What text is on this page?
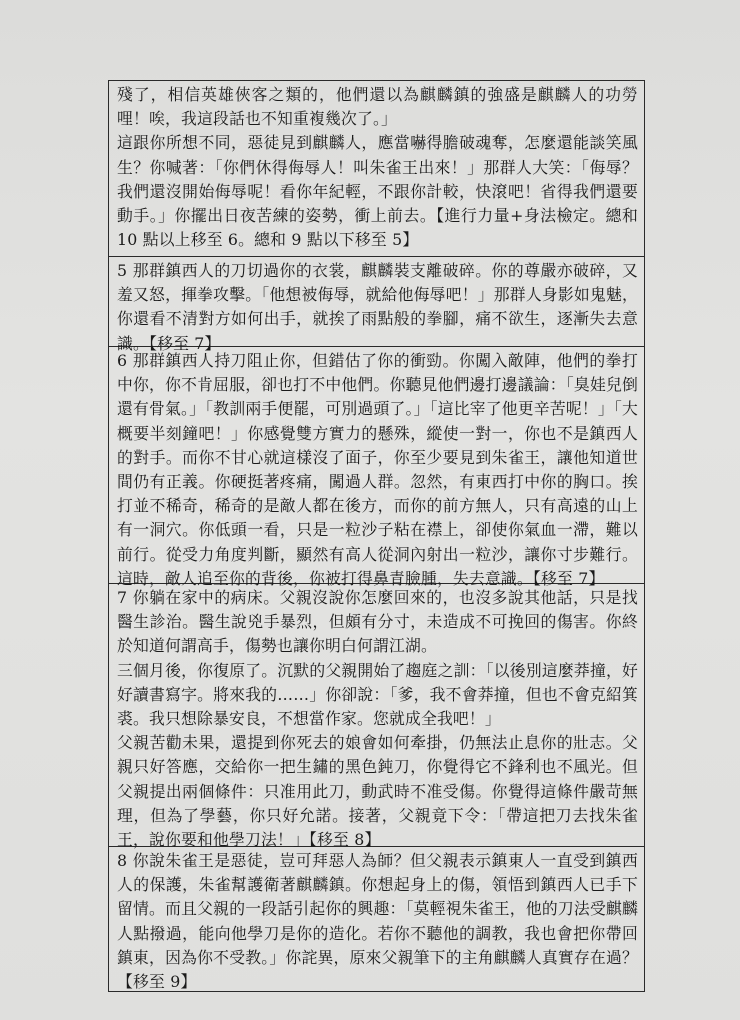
殘了，相信英雄俠客之類的，他們還以為麒麟鎮的強盛是麒麟人的功勞哩！唉，我這段話也不知重複幾次了。」

這跟你所想不同，惡徒見到麒麟人，應當嚇得膽破魂奪，怎麼還能談笑風生？你喊著：「你們休得侮辱人！叫朱雀王出來！」那群人大笑：「侮辱？我們還沒開始侮辱呢！看你年紀輕，不跟你計較，快滾吧！省得我們還要動手。」你擺出日夜苦練的姿勢，衝上前去。【進行力量+身法檢定。總和 10 點以上移至 6。總和 9 點以下移至 5】

5 那群鎮西人的刀切過你的衣裳，麒麟裝支離破碎。你的尊嚴亦破碎，又羞又怒，揮拳攻擊。「他想被侮辱，就給他侮辱吧！」那群人身影如鬼魅，你還看不清對方如何出手，就挨了雨點般的拳腳，痛不欲生，逐漸失去意識。【移至 7】

6 那群鎮西人持刀阻止你，但錯估了你的衝勁。你闖入敵陣，他們的拳打中你，你不肯屈服，卻也打不中他們。你聽見他們邊打邊議論：「臭娃兒倒還有骨氣。」「教訓兩手便罷，可別過頭了。」「這比宰了他更辛苦呢！」「大概要半刻鐘吧！」你感覺雙方實力的懸殊，縱使一對一，你也不是鎮西人的對手。而你不甘心就這樣沒了面子，你至少要見到朱雀王，讓他知道世間仍有正義。你硬挺著疼痛，闖過人群。忽然，有東西打中你的胸口。挨打並不稀奇，稀奇的是敵人都在後方，而你的前方無人，只有高遠的山上有一洞穴。你低頭一看，只是一粒沙子粘在襟上，卻使你氣血一滯，難以前行。從受力角度判斷，顯然有高人從洞內射出一粒沙，讓你寸步難行。這時，敵人追至你的背後，你被打得鼻青臉腫，失去意識。【移至 7】

7 你躺在家中的病床。父親沒說你怎麼回來的，也沒多說其他話，只是找醫生診治。醫生說兇手暴烈，但頗有分寸，未造成不可挽回的傷害。你終於知道何謂高手，傷勢也讓你明白何謂江湖。

三個月後，你復原了。沉默的父親開始了趨庭之訓：「以後別這麼莽撞，好好讀書寫字。將來我的……」你卻說：「爹，我不會莽撞，但也不會克紹箕裘。我只想除暴安良，不想當作家。您就成全我吧！」

父親苦勸未果，還提到你死去的娘會如何牽掛，仍無法止息你的壯志。父親只好答應，交給你一把生鏽的黑色鈍刀，你覺得它不鋒利也不風光。但父親提出兩個條件：只准用此刀，動武時不准受傷。你覺得這條件嚴苛無理，但為了學藝，你只好允諾。接著，父親竟下令：「帶這把刀去找朱雀王，說你要和他學刀法！」【移至 8】

8 你說朱雀王是惡徒，豈可拜惡人為師？但父親表示鎮東人一直受到鎮西人的保護，朱雀幫護衛著麒麟鎮。你想起身上的傷，領悟到鎮西人已手下留情。而且父親的一段話引起你的興趣：「莫輕視朱雀王，他的刀法受麒麟人點撥過，能向他學刀是你的造化。若你不聽他的調教，我也會把你帶回鎮東，因為你不受教。」你詫異，原來父親筆下的主角麒麟人真實存在過？【移至 9】
